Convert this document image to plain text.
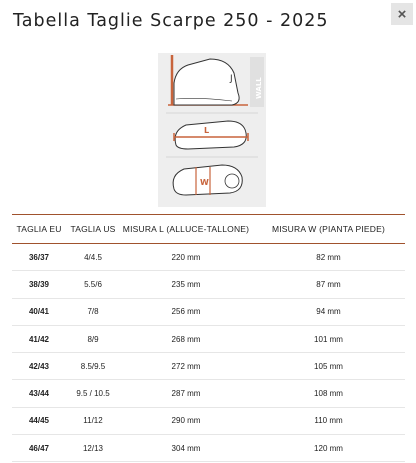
Tabella Taglie Scarpe 250 - 2025	×
J	WALL
L
W
TAGLIA EU	TAGLIA US	MISURA L (ALLUCE-TALLONE)	MISURA W (PIANTA PIEDE)
36/37	4/4.5	220 mm	82 mm
38/39	5.5/6	235 mm	87 mm
40/41	7/8	256 mm	94 mm
41/42	8/9	268 mm	101 mm
42/43	8.5/9.5	272 mm	105 mm
43/44	9.5 / 10.5	287 mm	108 mm
44/45	11/12	290 mm	110 mm
46/47	12/13	304 mm	120 mm
